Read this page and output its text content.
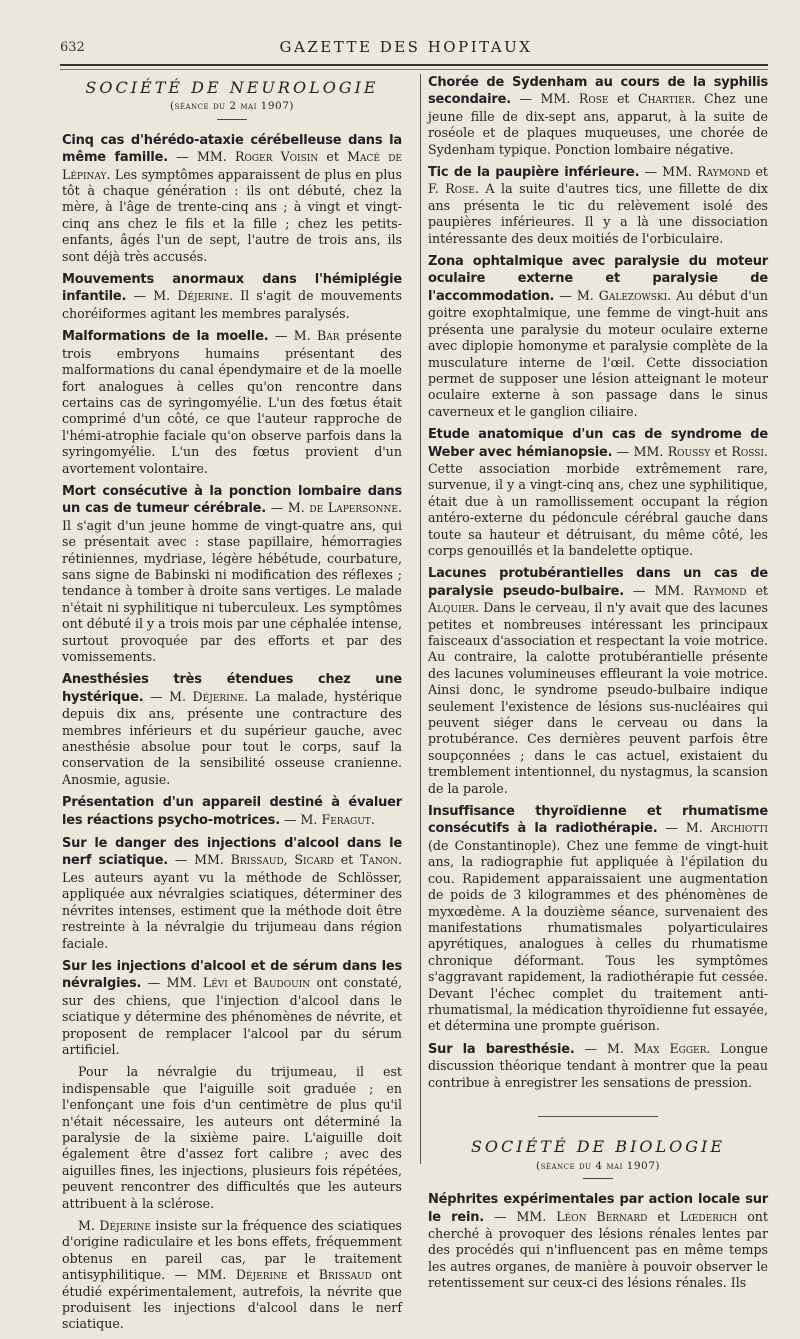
632	GAZETTE DES HOPITAUX
SOCIÉTÉ DE NEUROLOGIE
(séance du 2 mai 1907)

Cinq cas d'hérédo-ataxie cérébelleuse dans la même famille. — MM. Roger Voisin et Macé de Lépinay. Les symptômes apparaissent de plus en plus tôt à chaque génération : ils ont débuté, chez la mère, à l'âge de trente-cinq ans ; à vingt et vingt-cinq ans chez le fils et la fille ; chez les petits-enfants, âgés l'un de sept, l'autre de trois ans, ils sont déjà très accusés.

Mouvements anormaux dans l'hémiplégie infantile. — M. Déjerine. Il s'agit de mouvements choréiformes agitant les membres paralysés.

Malformations de la moelle. — M. Bar présente trois embryons humains présentant des malformations du canal épendymaire et de la moelle fort analogues à celles qu'on rencontre dans certains cas de syringomyélie. L'un des fœtus était comprimé d'un côté, ce que l'auteur rapproche de l'hémi-atrophie faciale qu'on observe parfois dans la syringomyélie. L'un des fœtus provient d'un avortement volontaire.

Mort consécutive à la ponction lombaire dans un cas de tumeur cérébrale. — M. de Lapersonne. Il s'agit d'un jeune homme de vingt-quatre ans, qui se présentait avec : stase papillaire, hémorragies rétiniennes, mydriase, légère hébétude, courbature, sans signe de Babinski ni modification des réflexes ; tendance à tomber à droite sans vertiges. Le malade n'était ni syphilitique ni tuberculeux. Les symptômes ont débuté il y a trois mois par une céphalée intense, surtout provoquée par des efforts et par des vomissements.

Anesthésies très étendues chez une hystérique. — M. Déjerine. La malade, hystérique depuis dix ans, présente une contracture des membres inférieurs et du supérieur gauche, avec anesthésie absolue pour tout le corps, sauf la conservation de la sensibilité osseuse cranienne. Anosmie, agusie.

Présentation d'un appareil destiné à évaluer les réactions psycho-motrices. — M. Feragut.

Sur le danger des injections d'alcool dans le nerf sciatique. — MM. Brissaud, Sicard et Tanon. Les auteurs ayant vu la méthode de Schlösser, appliquée aux névralgies sciatiques, déterminer des névrites intenses, estiment que la méthode doit être restreinte à la névralgie du trijumeau dans région faciale.

Sur les injections d'alcool et de sérum dans les névralgies. — MM. Lévi et Baudouin ont constaté, sur des chiens, que l'injection d'alcool dans le sciatique y détermine des phénomènes de névrite, et proposent de remplacer l'alcool par du sérum artificiel.

Pour la névralgie du trijumeau, il est indispensable que l'aiguille soit graduée ; en l'enfonçant une fois d'un centimètre de plus qu'il n'était nécessaire, les auteurs ont déterminé la paralysie de la sixième paire. L'aiguille doit également être d'assez fort calibre ; avec des aiguilles fines, les injections, plusieurs fois répétées, peuvent rencontrer des difficultés que les auteurs attribuent à la sclérose.

M. Déjerine insiste sur la fréquence des sciatiques d'origine radiculaire et les bons effets, fréquemment obtenus en pareil cas, par le traitement antisyphilitique. — MM. Déjerine et Brissaud ont étudié expérimentalement, autrefois, la névrite que produisent les injections d'alcool dans le nerf sciatique.

Chorée de Sydenham au cours de la syphilis secondaire. — MM. Rose et Chartier. Chez une jeune fille de dix-sept ans, apparut, à la suite de roséole et de plaques muqueuses, une chorée de Sydenham typique. Ponction lombaire négative.

Tic de la paupière inférieure. — MM. Raymond et F. Rose. A la suite d'autres tics, une fillette de dix ans présenta le tic du relèvement isolé des paupières inférieures. Il y a là une dissociation intéressante des deux moitiés de l'orbiculaire.

Zona ophtalmique avec paralysie du moteur oculaire externe et paralysie de l'accommodation. — M. Galezowski. Au début d'un goitre exophtalmique, une femme de vingt-huit ans présenta une paralysie du moteur oculaire externe avec diplopie homonyme et paralysie complète de la musculature interne de l'œil. Cette dissociation permet de supposer une lésion atteignant le moteur oculaire externe à son passage dans le sinus caverneux et le ganglion ciliaire.

Etude anatomique d'un cas de syndrome de Weber avec hémianopsie. — MM. Roussy et Rossi. Cette association morbide extrêmement rare, survenue, il y a vingt-cinq ans, chez une syphilitique, était due à un ramollissement occupant la région antéro-externe du pédoncule cérébral gauche dans toute sa hauteur et détruisant, du même côté, les corps genouillés et la bandelette optique.

Lacunes protubérantielles dans un cas de paralysie pseudo-bulbaire. — MM. Raymond et Alquier. Dans le cerveau, il n'y avait que des lacunes petites et nombreuses intéressant les principaux faisceaux d'association et respectant la voie motrice. Au contraire, la calotte protubérantielle présente des lacunes volumineuses effleurant la voie motrice. Ainsi donc, le syndrome pseudo-bulbaire indique seulement l'existence de lésions sus-nucléaires qui peuvent siéger dans le cerveau ou dans la protubérance. Ces dernières peuvent parfois être soupçonnées ; dans le cas actuel, existaient du tremblement intentionnel, du nystagmus, la scansion de la parole.

Insuffisance thyroïdienne et rhumatisme consécutifs à la radiothérapie. — M. Archiotti (de Constantinople). Chez une femme de vingt-huit ans, la radiographie fut appliquée à l'épilation du cou. Rapidement apparaissaient une augmentation de poids de 3 kilogrammes et des phénomènes de myxœdème. A la douzième séance, survenaient des manifestations rhumatismales polyarticulaires apyrétiques, analogues à celles du rhumatisme chronique déformant. Tous les symptômes s'aggravant rapidement, la radiothérapie fut cessée. Devant l'échec complet du traitement anti-rhumatismal, la médication thyroïdienne fut essayée, et détermina une prompte guérison.

Sur la baresthésie. — M. Max Egger. Longue discussion théorique tendant à montrer que la peau contribue à enregistrer les sensations de pression.

SOCIÉTÉ DE BIOLOGIE
(séance du 4 mai 1907)

Néphrites expérimentales par action locale sur le rein. — MM. Léon Bernard et Lœderich ont cherché à provoquer des lésions rénales lentes par des procédés qui n'influencent pas en même temps les autres organes, de manière à pouvoir observer le retentissement sur ceux-ci des lésions rénales. Ils
